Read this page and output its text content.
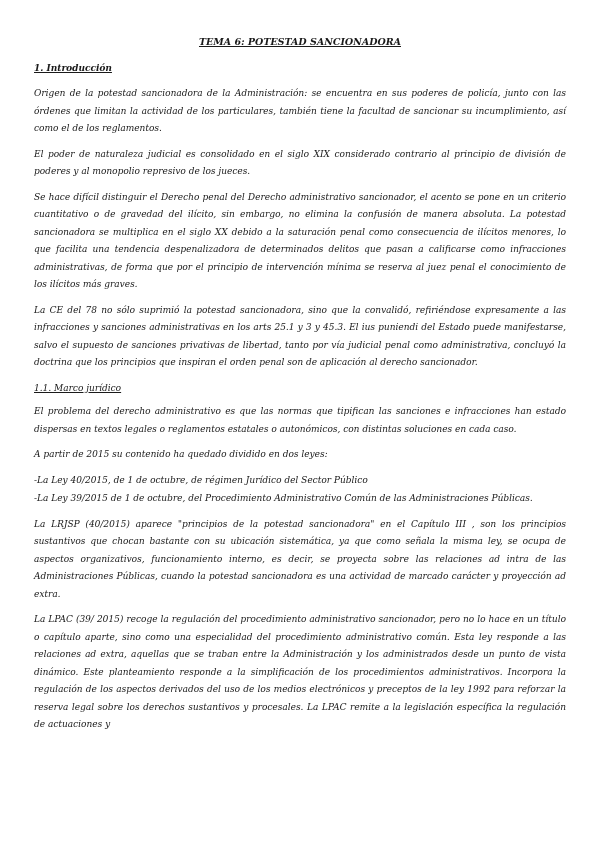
TEMA 6: POTESTAD SANCIONADORA
1. Introducción

Origen de la potestad sancionadora de la Administración: se encuentra en sus poderes de policía, junto con las órdenes que limitan la actividad de los particulares, también tiene la facultad de sancionar su incumplimiento, así como el de los reglamentos.

El poder de naturaleza judicial es consolidado en el siglo XIX considerado contrario al principio de división de poderes y al monopolio represivo de los jueces.

Se hace difícil distinguir el Derecho penal del Derecho administrativo sancionador, el acento se pone en un criterio cuantitativo o de gravedad del ilícito, sin embargo, no elimina la confusión de manera absoluta. La potestad sancionadora se multiplica en el siglo XX debido a la saturación penal como consecuencia de ilícitos menores, lo que facilita una tendencia despenalizadora de determinados delitos que pasan a calificarse como infracciones administrativas, de forma que por el principio de intervención mínima se reserva al juez penal el conocimiento de los ilícitos más graves.

La CE del 78 no sólo suprimió la potestad sancionadora, sino que la convalidó, refiriéndose expresamente a las infracciones y sanciones administrativas en los arts 25.1 y 3 y 45.3. El ius puniendi del Estado puede manifestarse, salvo el supuesto de sanciones privativas de libertad, tanto por vía judicial penal como administrativa, concluyó la doctrina que los principios que inspiran el orden penal son de aplicación al derecho sancionador.

1.1. Marco jurídico

El problema del derecho administrativo es que las normas que tipifican las sanciones e infracciones han estado dispersas en textos legales o reglamentos estatales o autonómicos, con distintas soluciones en cada caso.

A partir de 2015 su contenido ha quedado dividido en dos leyes:

-La Ley 40/2015, de 1 de octubre, de régimen Jurídico del Sector Público

-La Ley 39/2015 de 1 de octubre, del Procedimiento Administrativo Común de las Administraciones Públicas.

La LRJSP (40/2015) aparece "principios de la potestad sancionadora" en el Capítulo III , son los principios sustantivos que chocan bastante con su ubicación sistemática, ya que como señala la misma ley, se ocupa de aspectos organizativos, funcionamiento interno, es decir, se proyecta sobre las relaciones ad intra de las Administraciones Públicas, cuando la potestad sancionadora es una actividad de marcado carácter y proyección ad extra.

La LPAC (39/ 2015) recoge la regulación del procedimiento administrativo sancionador, pero no lo hace en un título o capítulo aparte, sino como una especialidad del procedimiento administrativo común. Esta ley responde a las relaciones ad extra, aquellas que se traban entre la Administración y los administrados desde un punto de vista dinámico. Este planteamiento responde a la simplificación de los procedimientos administrativos. Incorpora la regulación de los aspectos derivados del uso de los medios electrónicos y preceptos de la ley 1992 para reforzar la reserva legal sobre los derechos sustantivos y procesales. La LPAC remite a la legislación específica la regulación de actuaciones y
